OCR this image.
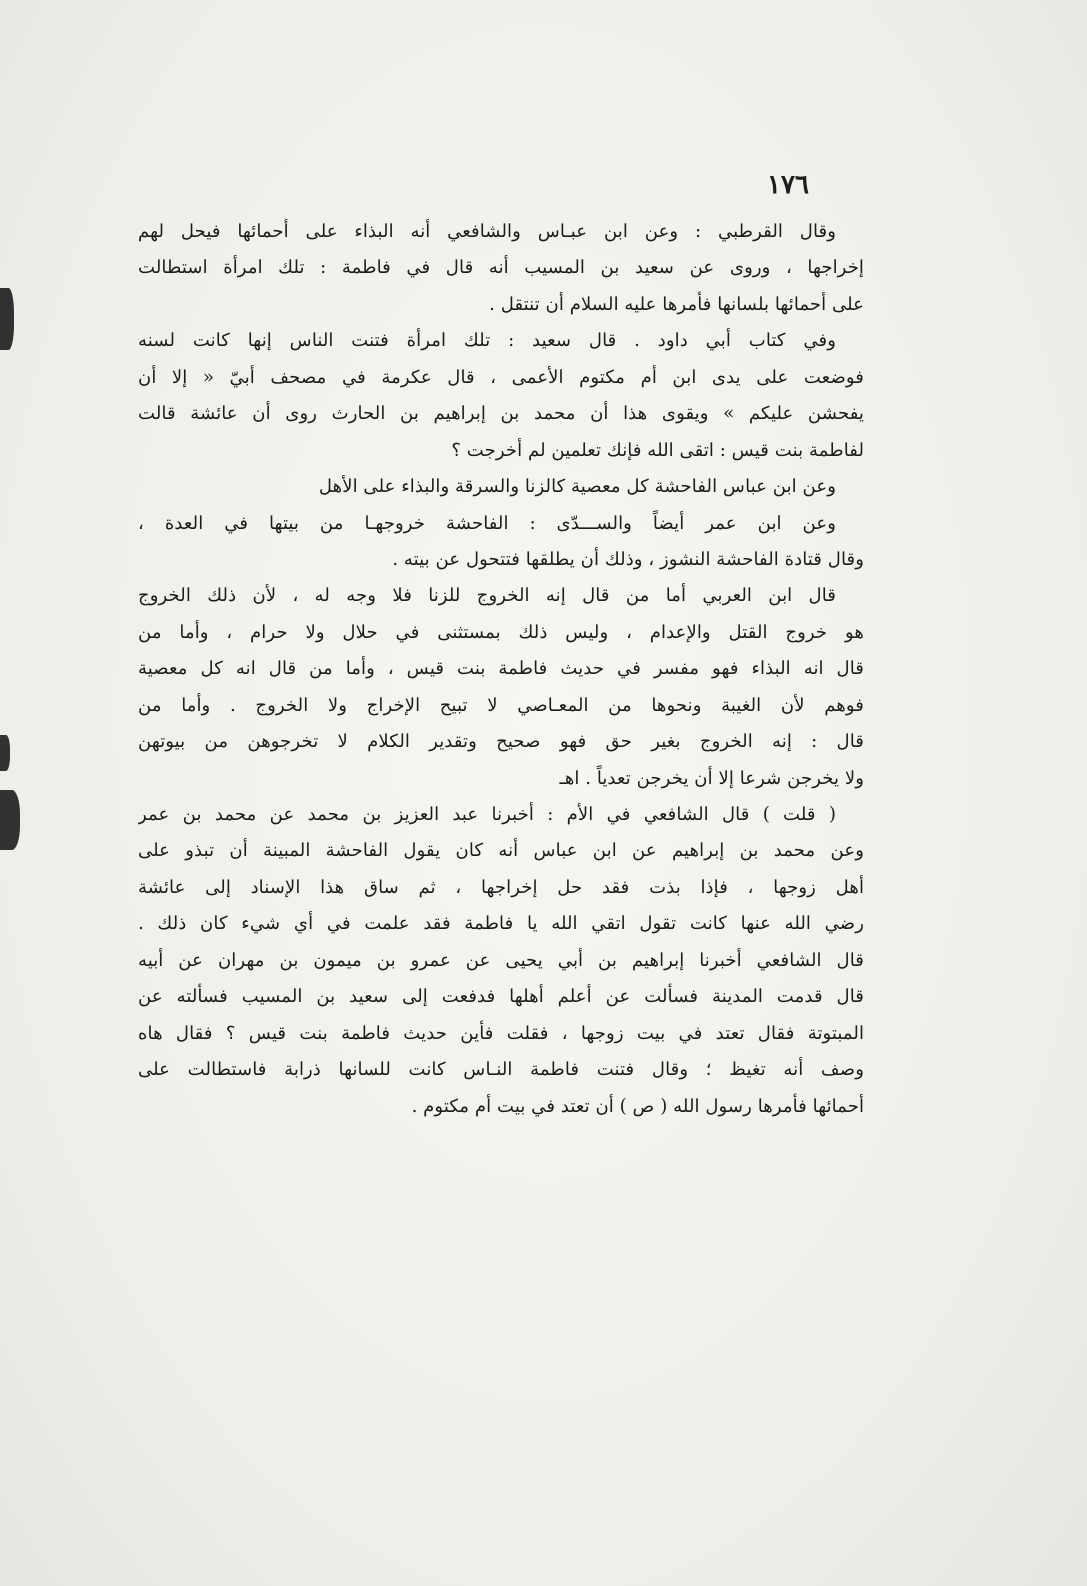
١٧٦
وقال القرطبي : وعن ابن عبـاس والشافعي أنه البذاء على أحمائها فيحل لهم
إخراجها ، وروى عن سعيد بن المسيب أنه قال في فاطمة : تلك امرأة استطالت
على أحمائها بلسانها فأمرها عليه السلام أن تنتقل .
وفي كتاب أبي داود . قال سعيد : تلك امرأة فتنت الناس إنها كانت لسنه
فوضعت على يدى ابن أم مكتوم الأعمى ، قال عكرمة في مصحف أبيّ « إلا أن
يفحشن عليكم » ويقوى هذا أن محمد بن إبراهيم بن الحارث روى أن عائشة قالت
لفاطمة بنت قيس : اتقى الله فإنك تعلمين لم أخرجت ؟
وعن ابن عباس الفاحشة كل معصية كالزنا والسرقة والبذاء على الأهل
وعن ابن عمر أيضاً والســـدّى : الفاحشة خروجهـا من بيتها في العدة ،
وقال قتادة الفاحشة النشوز ، وذلك أن يطلقها فتتحول عن بيته .
قال ابن العربي أما من قال إنه الخروج للزنا فلا وجه له ، لأن ذلك الخروج
هو خروج القتل والإعدام ، وليس ذلك بمستثنى في حلال ولا حرام ، وأما من
قال انه البذاء فهو مفسر في حديث فاطمة بنت قيس ، وأما من قال انه كل معصية
فوهم لأن الغيبة ونحوها من المعـاصي لا تبيح الإخراج ولا الخروج . وأما من
قال : إنه الخروج بغير حق فهو صحيح وتقدير الكلام لا تخرجوهن من بيوتهن
ولا يخرجن شرعا إلا أن يخرجن تعدياً . اهـ
( قلت ) قال الشافعي في الأم : أخبرنا عبد العزيز بن محمد عن محمد بن عمر
وعن محمد بن إبراهيم عن ابن عباس أنه كان يقول الفاحشة المبينة أن تبذو على
أهل زوجها ، فإذا بذت فقد حل إخراجها ، ثم ساق هذا الإسناد إلى عائشة
رضي الله عنها كانت تقول اتقي الله يا فاطمة فقد علمت في أي شيء كان ذلك .
قال الشافعي أخبرنا إبراهيم بن أبي يحيى عن عمرو بن ميمون بن مهران عن أبيه
قال قدمت المدينة فسألت عن أعلم أهلها فدفعت إلى سعيد بن المسيب فسألته عن
المبتوتة فقال تعتد في بيت زوجها ، فقلت فأين حديث فاطمة بنت قيس ؟ فقال هاه
وصف أنه تغيظ ؛ وقال فتنت فاطمة النـاس كانت للسانها ذرابة فاستطالت على
أحمائها فأمرها رسول الله ( ص ) أن تعتد في بيت أم مكتوم .
